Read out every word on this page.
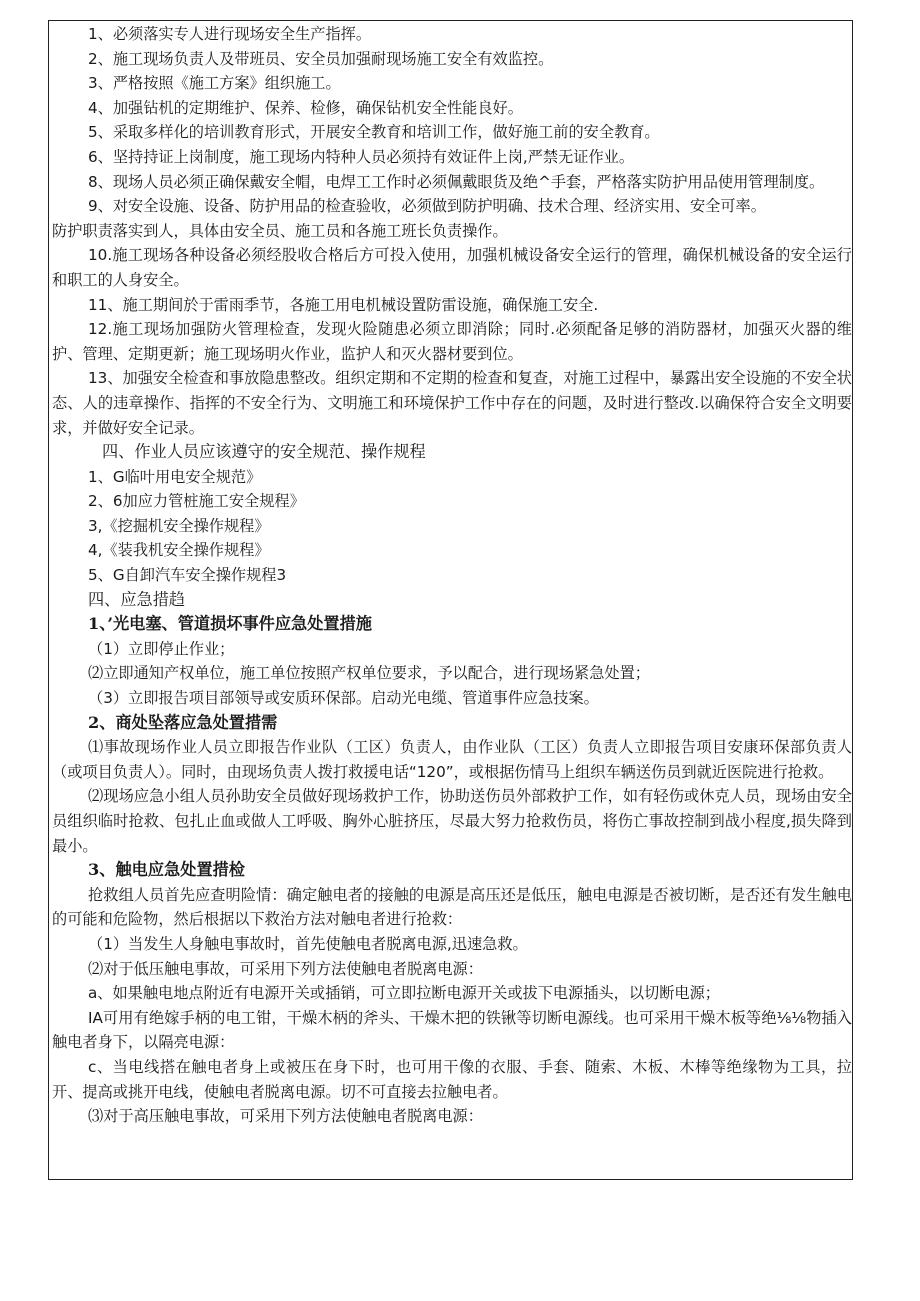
1、必须落实专人进行现场安全生产指挥。

2、施工现场负责人及带班员、安全员加强耐现场施工安全有效监控。

3、严格按照《施工方案》组织施工。

4、加强钻机的定期维护、保养、检修，确保钻机安全性能良好。

5、采取多样化的培训教育形式，开展安全教育和培训工作，做好施工前的安全教育。

6、坚持持证上岗制度，施工现场内特种人员必须持有效证件上岗,严禁无证作业。

8、现场人员必须正确保戴安全帽，电焊工工作时必须佩戴眼货及绝^手套，严格落实防护用品使用管理制度。

9、对安全设施、设备、防护用品的检查验收，必须做到防护明确、技术合理、经济实用、安全可率。

防护职责落实到人，具体由安全员、施工员和各施工班长负责操作。

10.施工现场各种设备必须经股收合格后方可投入使用，加强机械设备安全运行的管理，确保机械设备的安全运行和职工的人身安全。

11、施工期间於于雷雨季节，各施工用电机械设置防雷设施，确保施工安全.

12.施工现场加强防火管理检查，发现火险随患必须立即消除；同时.必须配备足够的消防器材，加强灭火器的维护、管理、定期更新；施工现场明火作业，监护人和灭火器材要到位。

13、加强安全检查和事放隐患整改。组织定期和不定期的检查和复查，对施工过程中，暴露出安全设施的不安全状态、人的违章操作、指挥的不安全行为、文明施工和环境保护工作中存在的问题，及时进行整改.以确保符合安全文明要求，并做好安全记录。

四、作业人员应该遵守的安全规范、操作规程

1、G临叶用电安全规范》

2、6加应力管桩施工安全规程》

3,《挖掘机安全操作规程》

4,《装我机安全操作规程》

5、G自卸汽车安全操作规程3

四、应急措趋

1、’光电塞、管道损坏事件应急处置措施

（1）立即停止作业；

⑵立即通知产权单位，施工单位按照产权单位要求，予以配合，进行现场紧急处置；

（3）立即报告项目部领导或安质环保部。启动光电缆、管道事件应急技案。

2、商处坠落应急处置措需

⑴事故现场作业人员立即报告作业队（工区）负责人，由作业队（工区）负责人立即报告项目安康环保部负责人（或项目负责人）。同时，由现场负责人拨打救援电话“120”，或根据伤情马上组织车辆送伤员到就近医院进行抢救。

⑵现场应急小组人员孙助安全员做好现场救护工作，协助送伤员外部救护工作，如有轻伤或休克人员，现场由安全员组织临时抢救、包扎止血或做人工呼吸、胸外心脏挤压，尽最大努力抢救伤员，将伤亡事故控制到战小程度,损失降到最小。

3、触电应急处置措检

抢救组人员首先应查明险情：确定触电者的接触的电源是高压还是低压，触电电源是否被切断，是否还有发生触电的可能和危险物，然后根据以下救治方法对触电者进行抢救：

（1）当发生人身触电事故时，首先使触电者脱离电源,迅速急救。

⑵对于低压触电事故，可采用下列方法使触电者脱离电源：

a、如果触电地点附近有电源开关或插销，可立即拉断电源开关或拔下电源插头，以切断电源；

IA可用有绝嫁手柄的电工钳，干燥木柄的斧头、干燥木把的铁锹等切断电源线。也可采用干燥木板等绝⅛⅛物插入触电者身下，以隔亮电源：

c、当电线搭在触电者身上或被压在身下时，也可用干像的衣服、手套、随索、木板、木棒等绝缘物为工具，拉开、提高或挑开电线，使触电者脱离电源。切不可直接去拉触电者。

⑶对于高压触电事故，可采用下列方法使触电者脱离电源：
